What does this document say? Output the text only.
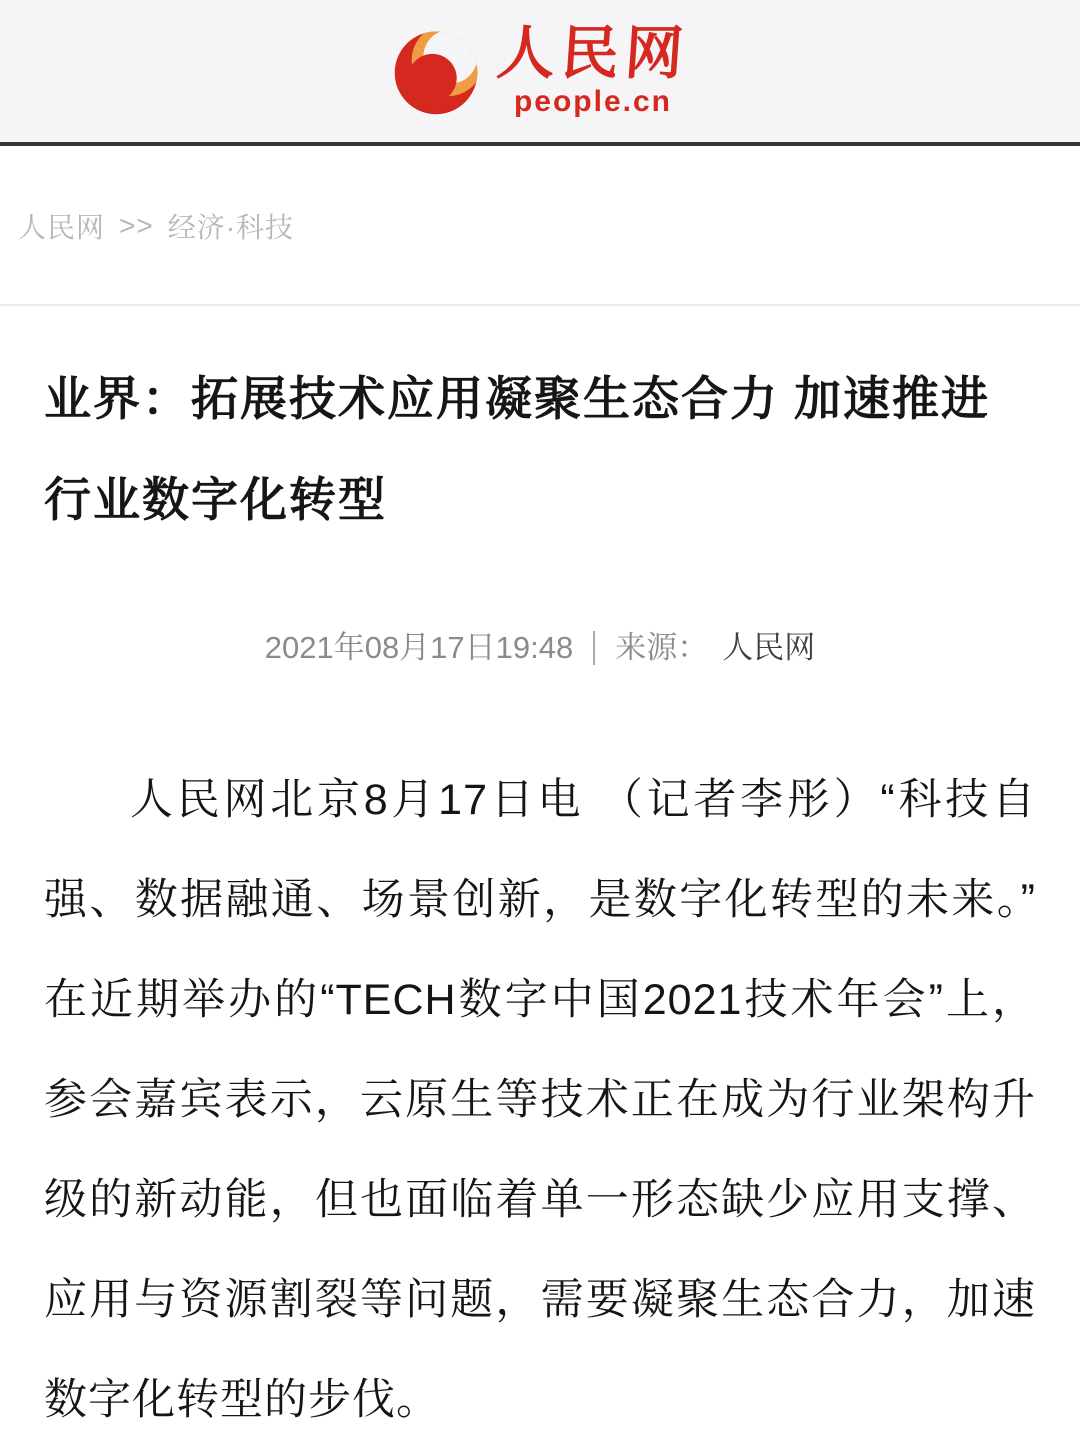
人民网
people.cn
人民网 >> 经济·科技
业界：拓展技术应用凝聚生态合力 加速推进行业数字化转型
2021年08月17日19:48 来源： 人民网

人民网北京8月17日电 （记者李彤）“科技自强、数据融通、场景创新，是数字化转型的未来。”在近期举办的“TECH数字中国2021技术年会”上，参会嘉宾表示，云原生等技术正在成为行业架构升级的新动能，但也面临着单一形态缺少应用支撑、应用与资源割裂等问题，需要凝聚生态合力，加速数字化转型的步伐。
